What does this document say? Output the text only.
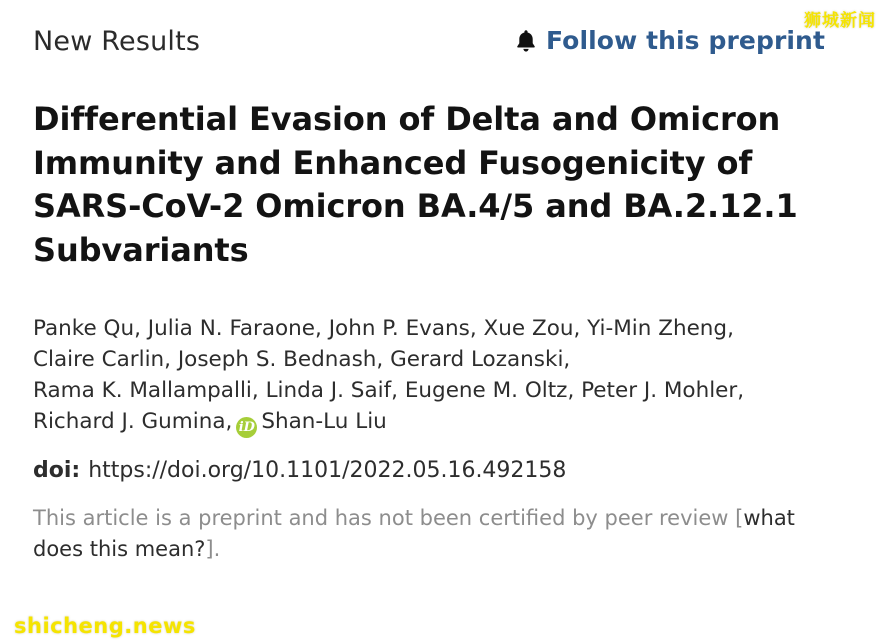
New Results	Follow this preprint
Differential Evasion of Delta and Omicron
Immunity and Enhanced Fusogenicity of
SARS-CoV-2 Omicron BA.4/5 and BA.2.12.1
Subvariants
Panke Qu, Julia N. Faraone, John P. Evans, Xue Zou, Yi-Min Zheng,
Claire Carlin, Joseph S. Bednash, Gerard Lozanski,
Rama K. Mallampalli, Linda J. Saif, Eugene M. Oltz, Peter J. Mohler,
Richard J. Gumina, iD Shan-Lu Liu
doi: https://doi.org/10.1101/2022.05.16.492158
This article is a preprint and has not been certified by peer review [what does this mean?].
狮城新闻
shicheng.news
